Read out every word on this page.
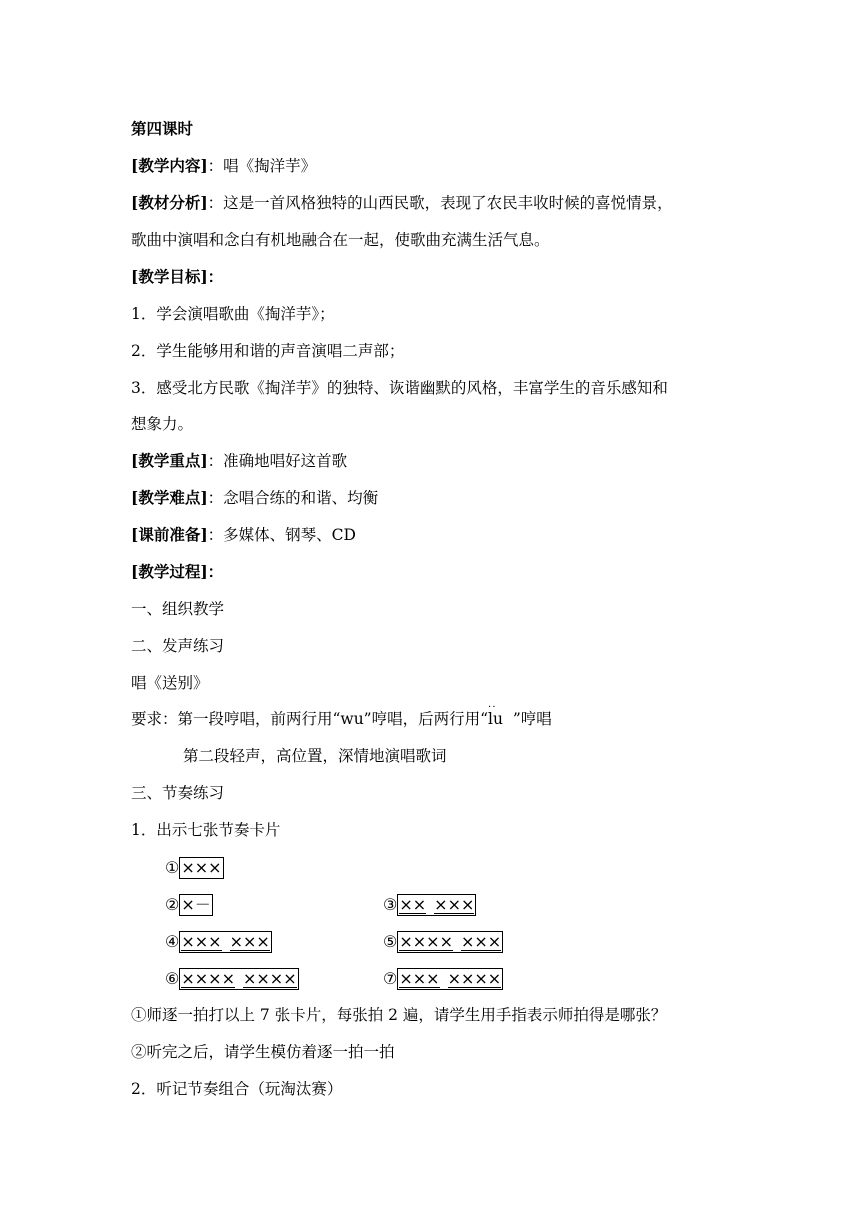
第四课时
[教学内容]：唱《掏洋芋》
[教材分析]：这是一首风格独特的山西民歌，表现了农民丰收时候的喜悦情景，
歌曲中演唱和念白有机地融合在一起，使歌曲充满生活气息。
[教学目标]：
1．学会演唱歌曲《掏洋芋》；
2．学生能够用和谐的声音演唱二声部；
3．感受北方民歌《掏洋芋》的独特、诙谐幽默的风格，丰富学生的音乐感知和
想象力。
[教学重点]：准确地唱好这首歌
[教学难点]：念唱合练的和谐、均衡
[课前准备]：多媒体、钢琴、CD
[教学过程]：
一、组织教学
二、发声练习
唱《送别》
要求：第一段哼唱，前两行用“wu”哼唱，后两行用“· · lu  ”哼唱
第二段轻声，高位置，深情地演唱歌词
三、节奏练习
1．出示七张节奏卡片
① ×××
② ×－	③ ×× ×××
④ ××× ×××	⑤ ×××× ×××
⑥ ×××× ××××	⑦ ××× ××××
①师逐一拍打以上 7 张卡片，每张拍 2 遍，请学生用手指表示师拍得是哪张？
②听完之后，请学生模仿着逐一拍一拍
2．听记节奏组合（玩淘汰赛）
